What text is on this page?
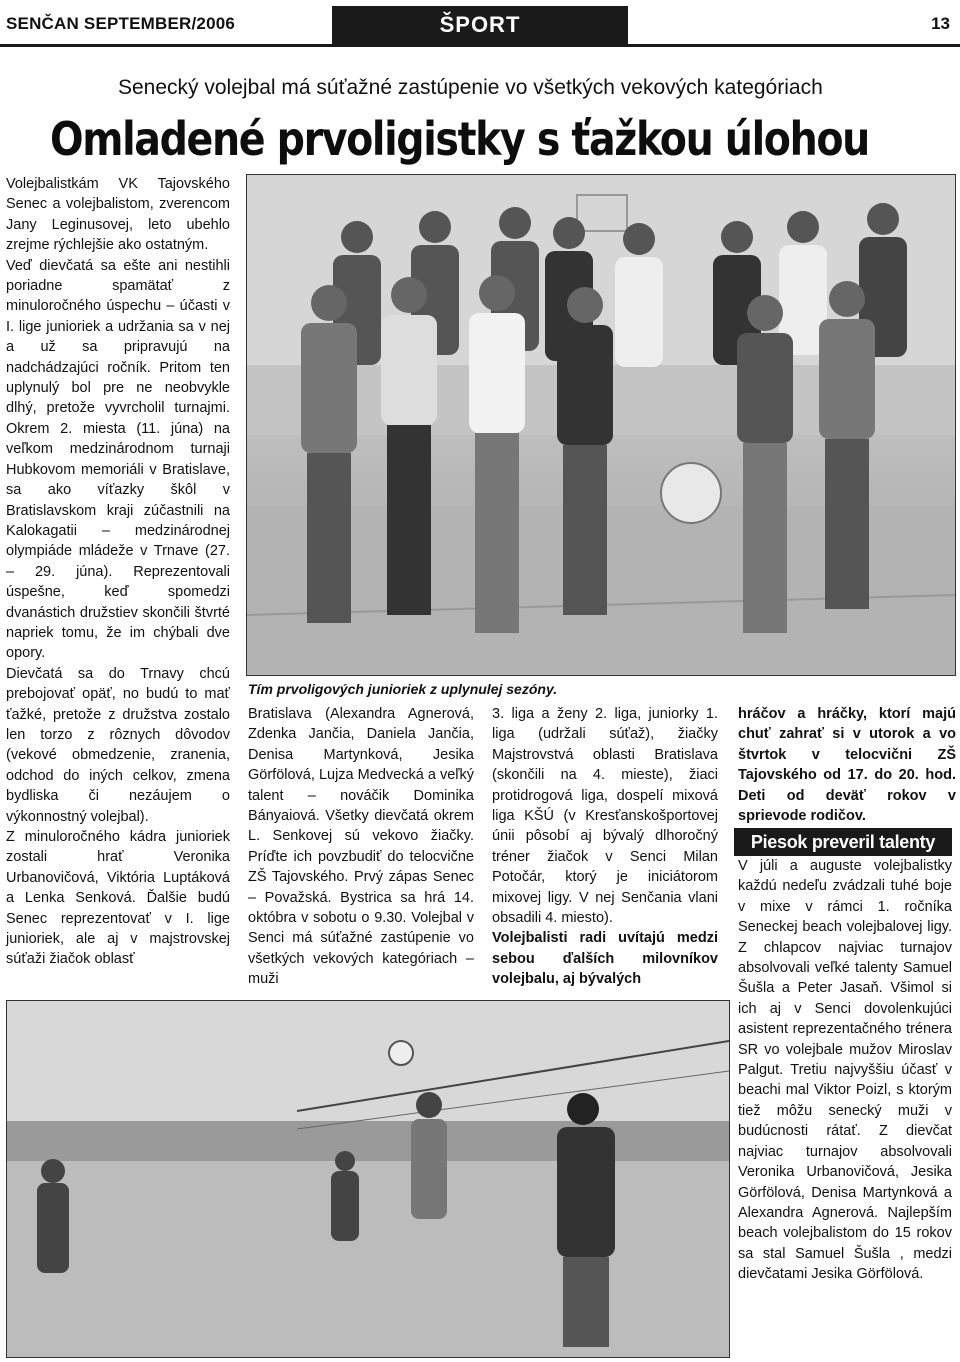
SENČAN SEPTEMBER/2006	ŠPORT	13
Senecký volejbal má súťažné zastúpenie vo všetkých vekových kategóriach
Omladené prvoligistky s ťažkou úlohou

Volejbalistkám VK Tajovského Senec a volejbalistom, zverencom Jany Leginusovej, leto ubehlo zrejme rýchlejšie ako ostatným.

Veď dievčatá sa ešte ani nestihli poriadne spamätať z minuloročného úspechu – účasti v I. lige junioriek a udržania sa v nej a už sa pripravujú na nadchádzajúci ročník. Pritom ten uplynulý bol pre ne neobvykle dlhý, pretože vyvrcholil turnajmi. Okrem 2. miesta (11. júna) na veľkom medzinárodnom turnaji Hubkovom memoriáli v Bratislave, sa ako víťazky škôl v Bratislavskom kraji zúčastnili na Kalokagatii – medzinárodnej olympiáde mládeže v Trnave (27. – 29. júna). Reprezentovali úspešne, keď spomedzi dvanástich družstiev skončili štvrté napriek tomu, že im chýbali dve opory.

Dievčatá sa do Trnavy chcú prebojovať opäť, no budú to mať ťažké, pretože z družstva zostalo len torzo z rôznych dôvodov (vekové obmedzenie, zranenia, odchod do iných celkov, zmena bydliska či nezáujem o výkonnostný volejbal).

Z minuloročného kádra junioriek zostali hrať Veronika Urbanovičová, Viktória Luptáková a Lenka Senková. Ďalšie budú Senec reprezentovať v I. lige junioriek, ale aj v majstrovskej súťaži žiačok oblasť

Tím prvoligových junioriek z uplynulej sezóny.

Bratislava (Alexandra Agnerová, Zdenka Jančia, Daniela Jančia, Denisa Martynková, Jesika Görfölová, Lujza Medvecká a veľký talent – nováčik Dominika Bányaiová. Všetky dievčatá okrem L. Senkovej sú vekovo žiačky. Príďte ich povzbudiť do telocvične ZŠ Tajovského. Prvý zápas Senec – Považská. Bystrica sa hrá 14. októbra v sobotu o 9.30. Volejbal v Senci má súťažné zastúpenie vo všetkých vekových kategóriach – muži

3. liga a ženy 2. liga, juniorky 1. liga (udržali súťaž), žiačky Majstrovstvá oblasti Bratislava (skončili na 4. mieste), žiaci protidrogová liga, dospelí mixová liga KŠÚ (v Kresťanskošportovej únii pôsobí aj bývalý dlhoročný tréner žiačok v Senci Milan Potočár, ktorý je iniciátorom mixovej ligy. V nej Senčania vlani obsadili 4. miesto).

Volejbalisti radi uvítajú medzi sebou ďalších milovníkov volejbalu, aj bývalých

hráčov a hráčky, ktorí majú chuť zahrať si v utorok a vo štvrtok v telocvični ZŠ Tajovského od 17. do 20. hod. Deti od deväť rokov v sprievode rodičov.

Piesok preveril talenty

V júli a auguste volejbalistky každú nedeľu zvádzali tuhé boje v mixe v rámci 1. ročníka Seneckej beach volejbalovej ligy. Z chlapcov najviac turnajov absolvovali veľké talenty Samuel Šušla a Peter Jasaň. Všimol si ich aj v Senci dovolenkujúci asistent reprezentačného trénera SR vo volejbale mužov Miroslav Palgut. Tretiu najvyššiu účasť v beachi mal Viktor Poizl, s ktorým tiež môžu senecký muži v budúcnosti rátať. Z dievčat najviac turnajov absolvovali Veronika Urbanovičová, Jesika Görfölová, Denisa Martynková a Alexandra Agnerová. Najlepším beach volejbalistom do 15 rokov sa stal Samuel Šušla , medzi dievčatami Jesika Görfölová.
